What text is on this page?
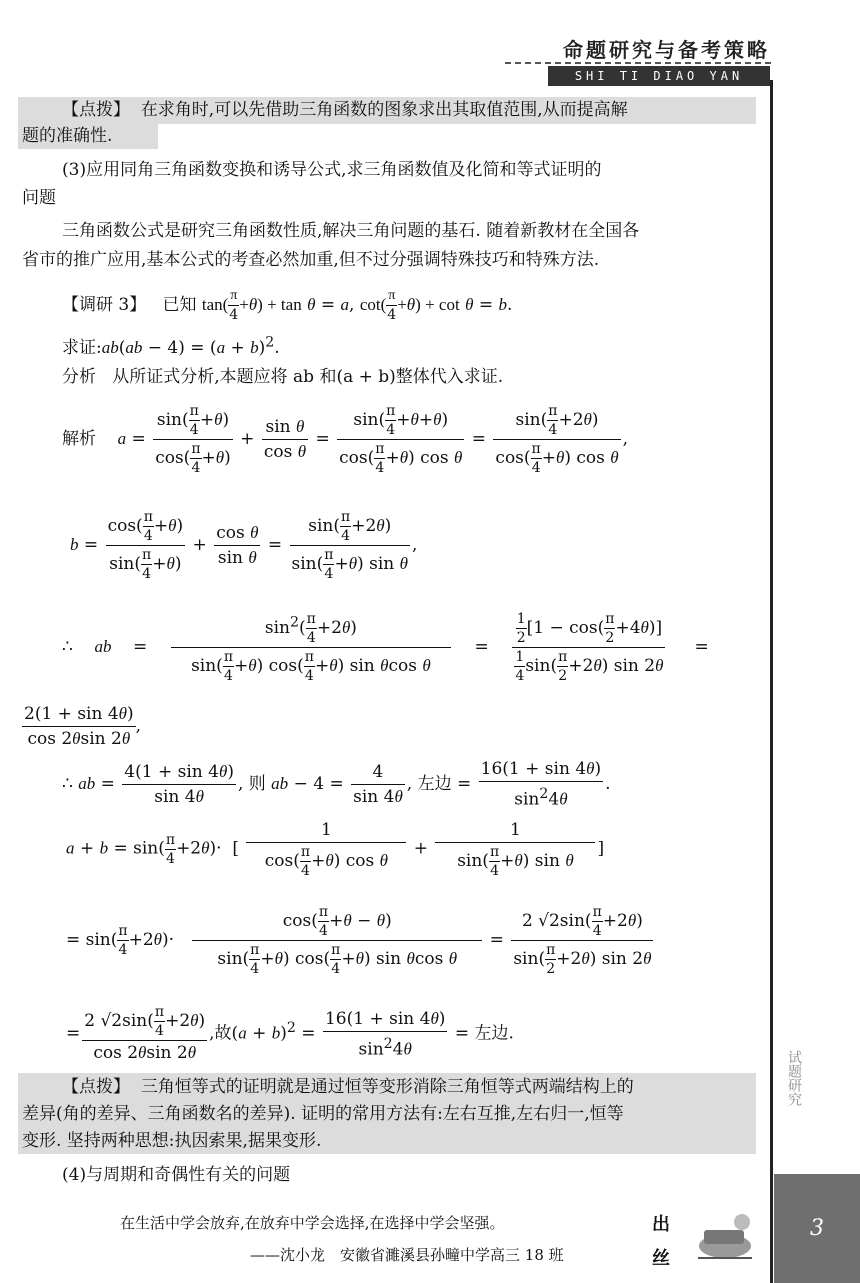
命题研究与备考策略
SHI TI DIAO YAN
试题研究
3
【点拨】 在求角时,可以先借助三角函数的图象求出其取值范围,从而提高解
题的准确性.
(3)应用同角三角函数变换和诱导公式,求三角函数值及化简和等式证明的
问题
三角函数公式是研究三角函数性质,解决三角问题的基石. 随着新教材在全国各
省市的推广应用,基本公式的考查必然加重,但不过分强调特殊技巧和特殊方法.
【调研 3】 已知 $\tan( \frac{\pi}{4} +\theta) + \tan \theta = a$, $\cot( \frac{\pi}{4} +\theta) + \cot \theta = b$.
求证:ab(ab − $4) = (a + b)^2$.
分析 从所证式分析,本题应将 ab 和(a + b)整体代入求证.
解析 $a = \frac{\sin( \frac{\pi}{4} +\theta)}{\cos( \frac{\pi}{4} +\theta)} + \frac{\text{sin θ}}{\text{cos θ}} = \frac{\sin( \frac{\pi}{4} +\theta+\theta)}{\cos( \frac{\pi}{4} +\theta) \cos \theta} = \frac{\sin( \frac{\pi}{4} +2\theta)}{\cos( \frac{\pi}{4} +\theta) \cos \theta}$ ,
$b = \frac{\cos( \frac{\pi}{4} +\theta)}{\sin( \frac{\pi}{4} +\theta)} + \frac{\text{cos θ}}{\text{sin θ}} = \frac{\sin( \frac{\pi}{4} +2\theta)}{\sin( \frac{\pi}{4} +\theta) \sin \theta}$ ,
∴    ab    = $\frac{\sin^2( \frac{\pi}{4} +2\theta)}{\sin( \frac{\pi}{4} +\theta) \cos( \frac{\pi}{4} +\theta) \sin \theta\cos \theta} = \frac{\frac{1}{2} [1 - \cos( \frac{\pi}{2} +4\theta)]}{\frac{1}{4} \sin( \frac{\pi}{2} +2\theta) \sin 2\theta}$ =
$\frac{2(1 + \sin 4\theta)}{\cos 2\theta\sin 2\theta}$ ,
∴ ab = $\frac{4(1 + \sin 4\theta)}{\sin 4\theta}$ , 则 ab − $4 = \frac{4}{\sin 4\theta}$ , 左边 = $\frac{16(1 + \sin 4\theta)}{\sin^24\theta}$ .
$a + b = \sin( \frac{\pi}{4} +2\theta)\cdot$  [ $\frac{1}{\cos( \frac{\pi}{4} +\theta) \cos \theta} + \frac{1}{\sin( \frac{\pi}{4} +\theta) \sin \theta}$ ]
= $\sin( \frac{\pi}{4} +2\theta)\cdot \frac{\cos( \frac{\pi}{4} +\theta - \theta)}{\sin( \frac{\pi}{4} +\theta) \cos( \frac{\pi}{4} +\theta) \sin \theta\cos \theta} = \frac{2 √2\sin( \frac{\pi}{4} +2\theta)}{\sin( \frac{\pi}{2} +2\theta) \sin 2\theta}$
= $\frac{2 √2\sin( \frac{\pi}{4} +2\theta)}{\cos 2\theta\sin 2\theta}$ ,故$(a + b)^2 = \frac{16(1 + \sin 4\theta)}{\sin^24\theta}$ = 左边.
【点拨】 三角恒等式的证明就是通过恒等变形消除三角恒等式两端结构上的
差异(角的差异、三角函数名的差异). 证明的常用方法有:左右互推,左右归一,恒等
变形. 坚持两种思想:执因索果,据果变形.
(4)与周期和奇偶性有关的问题
在生活中学会放弃,在放弃中学会选择,在选择中学会坚强。
——沈小龙　安徽省濉溪县孙疃中学高三 18 班
出
丝
